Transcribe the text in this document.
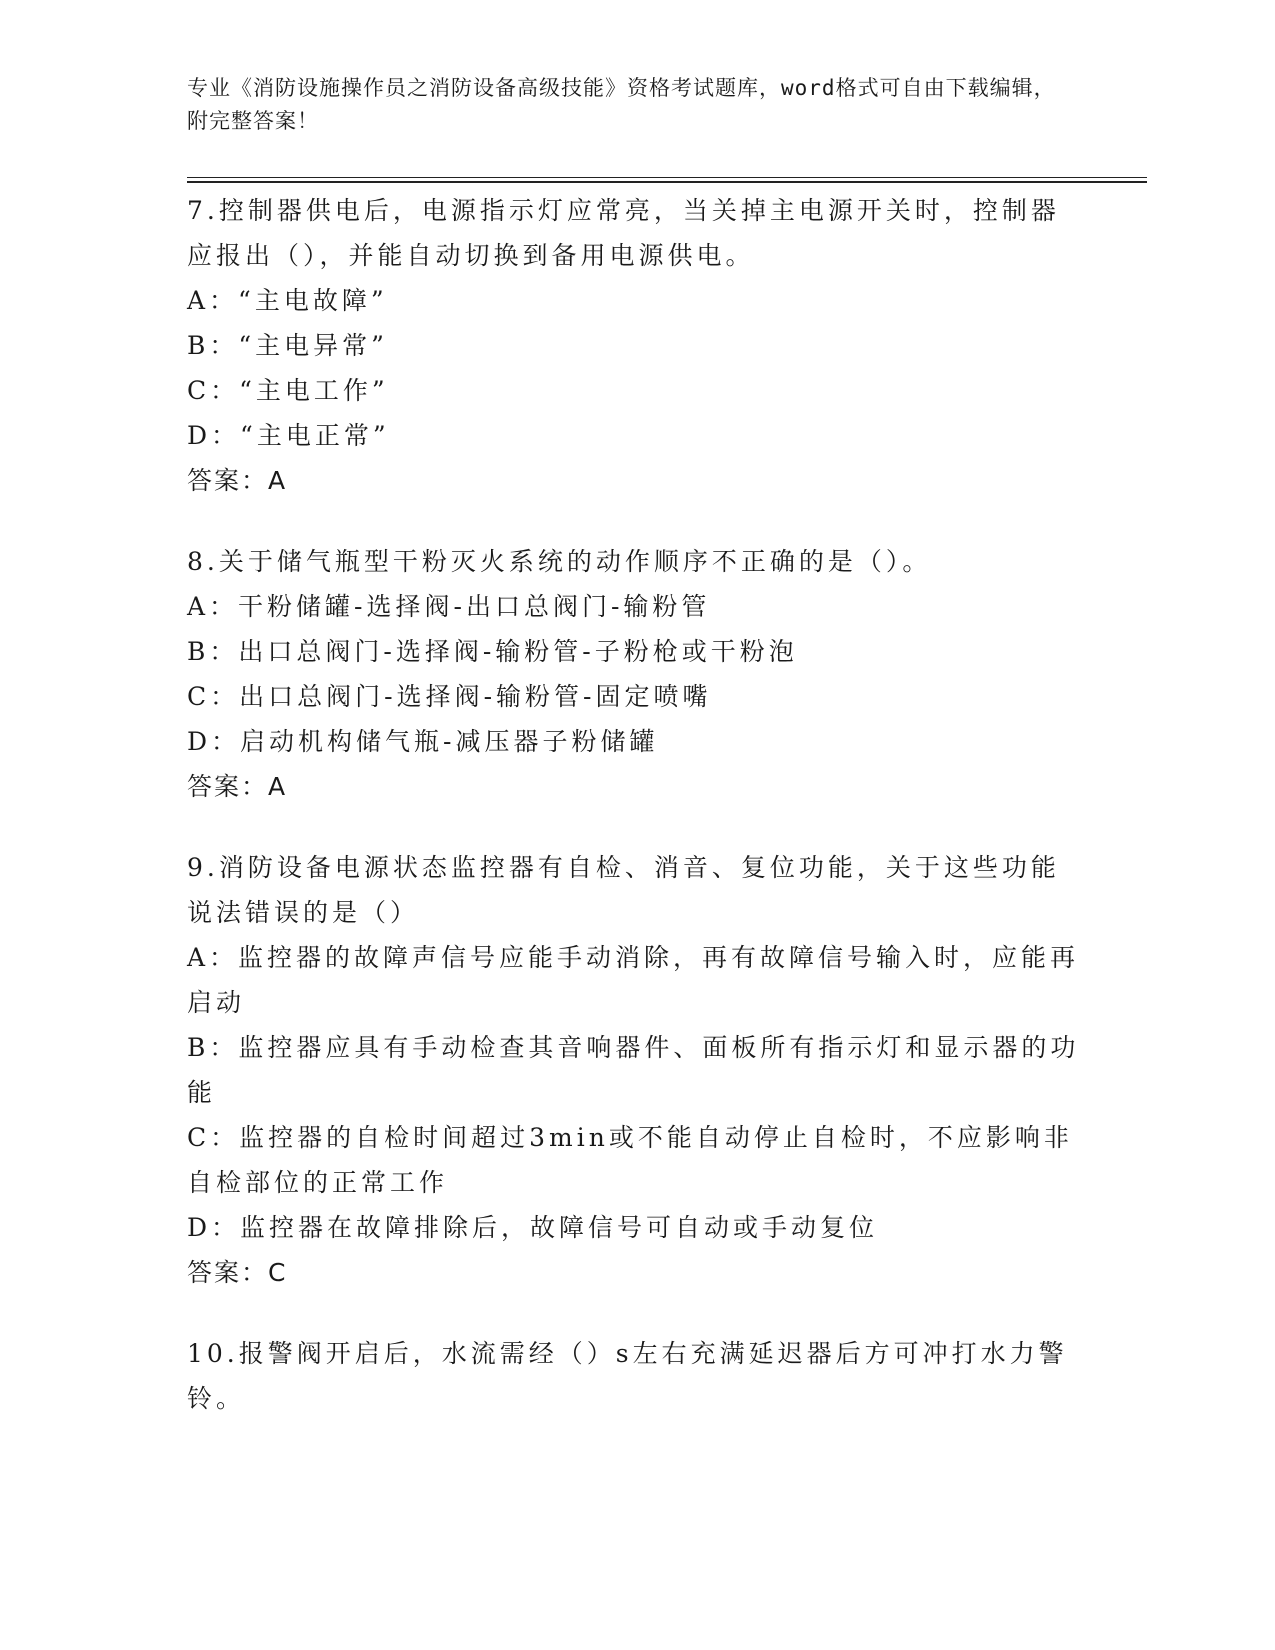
专业《消防设施操作员之消防设备高级技能》资格考试题库，word格式可自由下载编辑，附完整答案！
7.控制器供电后，电源指示灯应常亮，当关掉主电源开关时，控制器应报出（），并能自动切换到备用电源供电。
A：“主电故障”
B：“主电异常”
C：“主电工作”
D：“主电正常”
答案：A
8.关于储气瓶型干粉灭火系统的动作顺序不正确的是（）。
A：干粉储罐-选择阀-出口总阀门-输粉管
B：出口总阀门-选择阀-输粉管-子粉枪或干粉泡
C：出口总阀门-选择阀-输粉管-固定喷嘴
D：启动机构储气瓶-减压器子粉储罐
答案：A
9.消防设备电源状态监控器有自检、消音、复位功能，关于这些功能说法错误的是（）
A：监控器的故障声信号应能手动消除，再有故障信号输入时，应能再启动
B：监控器应具有手动检查其音响器件、面板所有指示灯和显示器的功能
C：监控器的自检时间超过3min或不能自动停止自检时，不应影响非自检部位的正常工作
D：监控器在故障排除后，故障信号可自动或手动复位
答案：C
10.报警阀开启后，水流需经（）s左右充满延迟器后方可冲打水力警铃。
